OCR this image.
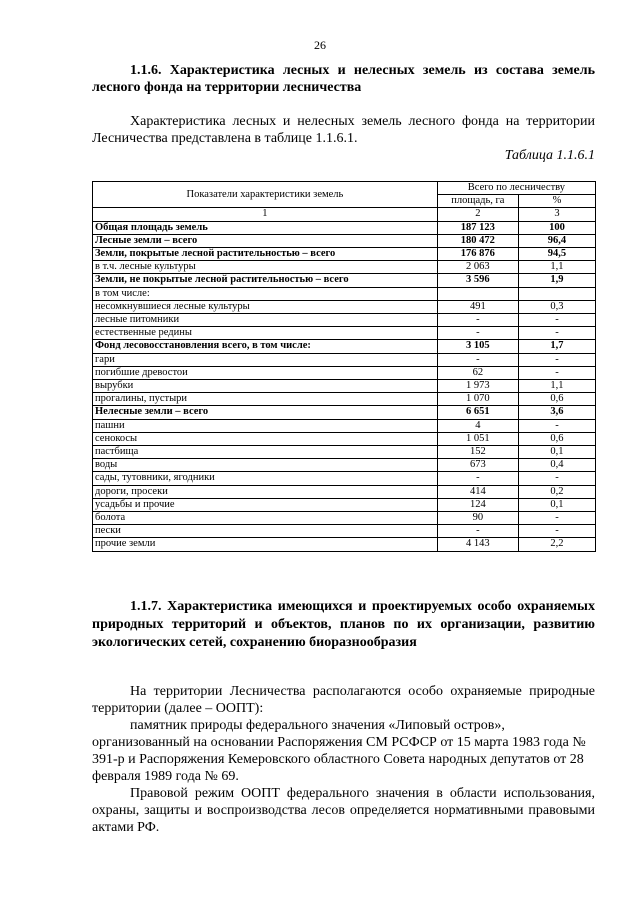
26
1.1.6. Характеристика лесных и нелесных земель из состава земель лесного фонда на территории лесничества
Характеристика лесных и нелесных земель лесного фонда на территории Лесничества представлена в таблице 1.1.6.1.
Таблица 1.1.6.1
Показатели характеристики земель	Всего по лесничеству	
	площадь, га	%
1	2	3
Общая площадь земель	187 123	100
Лесные земли – всего	180 472	96,4
Земли, покрытые лесной растительностью – всего	176 876	94,5
в т.ч. лесные культуры	2 063	1,1
Земли, не покрытые лесной растительностью – всего	3 596	1,9
в том числе:		
несомкнувшиеся лесные культуры	491	0,3
лесные питомники	-	-
естественные редины	-	-
Фонд лесовосстановления всего, в том числе:	3 105	1,7
гари	-	-
погибшие древостои	62	-
вырубки	1 973	1,1
прогалины, пустыри	1 070	0,6
Нелесные земли – всего	6 651	3,6
пашни	4	-
сенокосы	1 051	0,6
пастбища	152	0,1
воды	673	0,4
сады, тутовники, ягодники	-	-
дороги, просеки	414	0,2
усадьбы и прочие	124	0,1
болота	90	-
пески	-	-
прочие земли	4 143	2,2
1.1.7. Характеристика имеющихся и проектируемых особо охраняемых природных территорий и объектов, планов по их организации, развитию экологических сетей, сохранению биоразнообразия

На территории Лесничества располагаются особо охраняемые природные территории (далее – ООПТ):

памятник природы федерального значения «Липовый остров», организованный на основании Распоряжения СМ РСФСР от 15 марта 1983 года № 391-р и Распоряжения Кемеровского областного Совета народных депутатов от 28 февраля 1989 года № 69.

Правовой режим ООПТ федерального значения в области использования, охраны, защиты и воспроизводства лесов определяется нормативными правовыми актами РФ.
